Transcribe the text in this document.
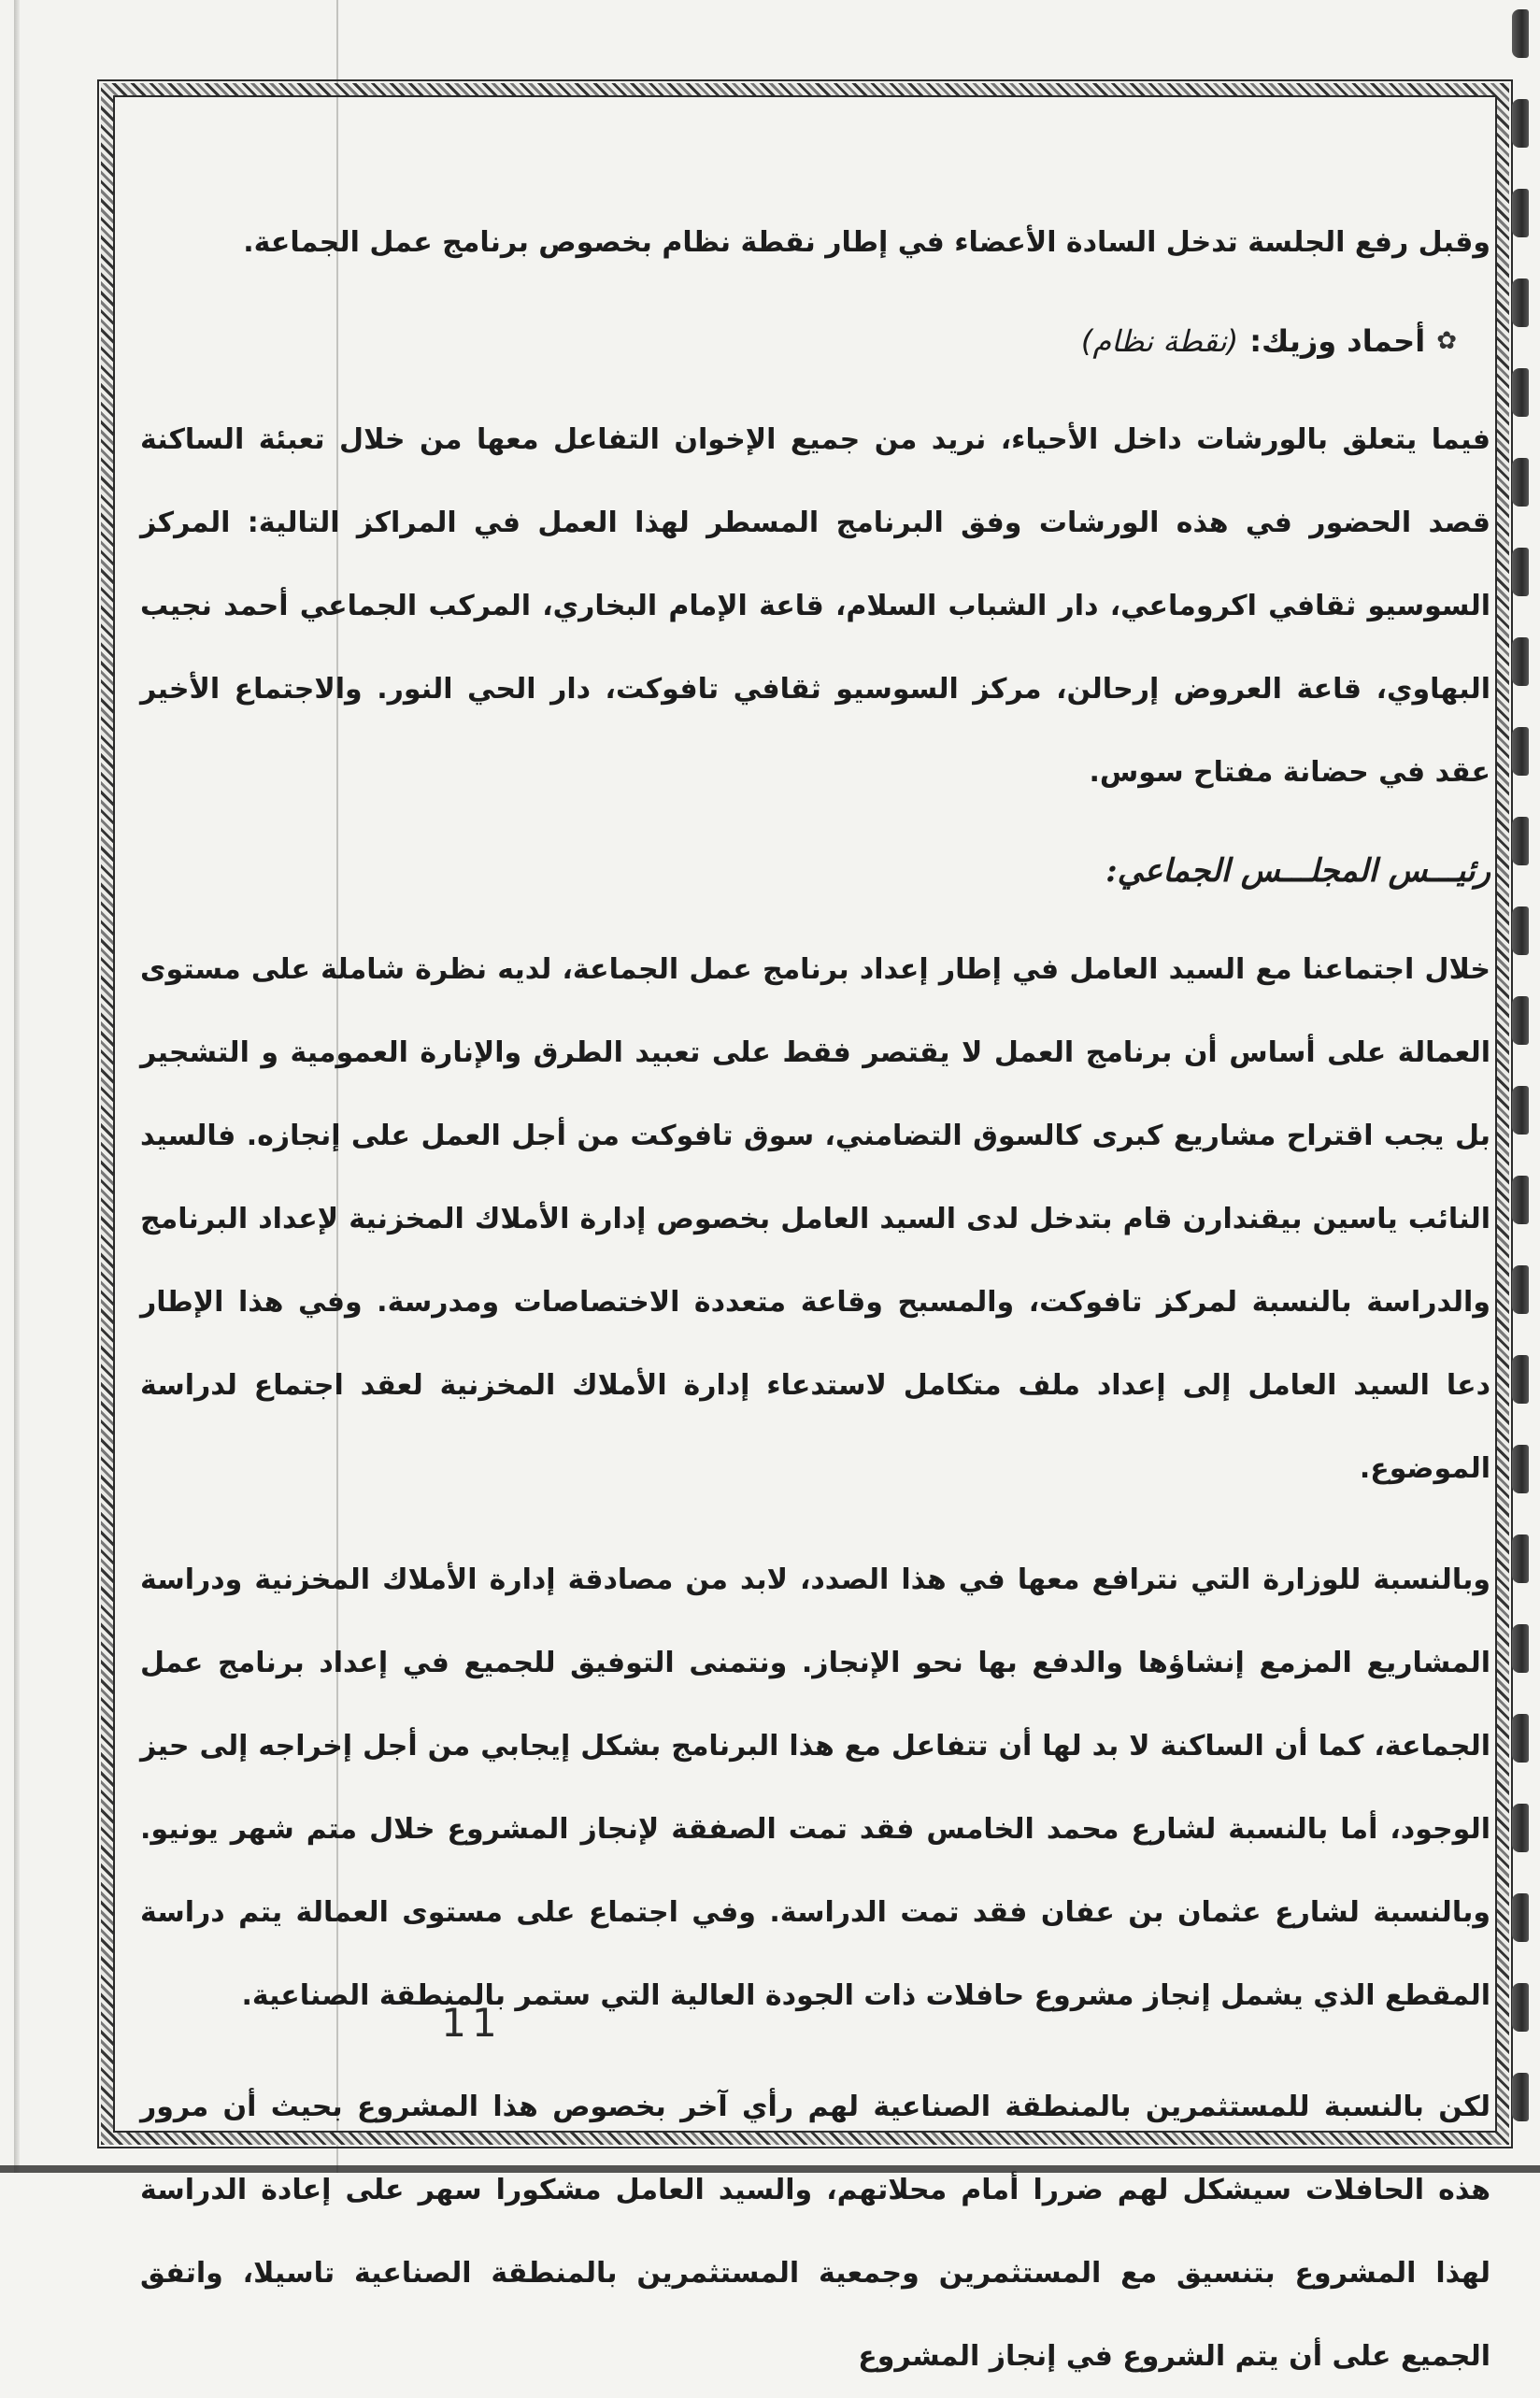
وقبل رفع الجلسة تدخل السادة الأعضاء في إطار نقطة نظام بخصوص برنامج عمل الجماعة.

✿
أحماد وزيك:
(نقطة نظام)

فيما يتعلق بالورشات داخل الأحياء، نريد من جميع الإخوان التفاعل معها من خلال تعبئة الساكنة قصد الحضور في هذه الورشات وفق البرنامج المسطر لهذا العمل في المراكز التالية: المركز السوسيو ثقافي اكروماعي، دار الشباب السلام، قاعة الإمام البخاري، المركب الجماعي أحمد نجيب البهاوي، قاعة العروض إرحالن، مركز السوسيو ثقافي تافوكت، دار الحي النور. والاجتماع الأخير عقد في حضانة مفتاح سوس.

رئيـــس المجلـــس الجماعي:

خلال اجتماعنا مع السيد العامل في إطار إعداد برنامج عمل الجماعة، لديه نظرة شاملة على مستوى العمالة على أساس أن برنامج العمل لا يقتصر فقط على تعبيد الطرق والإنارة العمومية و التشجير بل يجب اقتراح مشاريع كبرى كالسوق التضامني، سوق تافوكت من أجل العمل على إنجازه. فالسيد النائب ياسين بيقندارن قام بتدخل لدى السيد العامل بخصوص إدارة الأملاك المخزنية لإعداد البرنامج والدراسة بالنسبة لمركز تافوكت، والمسبح وقاعة متعددة الاختصاصات ومدرسة. وفي هذا الإطار دعا السيد العامل إلى إعداد ملف متكامل لاستدعاء إدارة الأملاك المخزنية لعقد اجتماع لدراسة الموضوع.

وبالنسبة للوزارة التي نترافع معها في هذا الصدد، لابد من مصادقة إدارة الأملاك المخزنية ودراسة المشاريع المزمع إنشاؤها والدفع بها نحو الإنجاز. ونتمنى التوفيق للجميع في إعداد برنامج عمل الجماعة، كما أن الساكنة لا بد لها أن تتفاعل مع هذا البرنامج بشكل إيجابي من أجل إخراجه إلى حيز الوجود، أما بالنسبة لشارع محمد الخامس فقد تمت الصفقة لإنجاز المشروع خلال متم شهر يونيو. وبالنسبة لشارع عثمان بن عفان فقد تمت الدراسة. وفي اجتماع على مستوى العمالة يتم دراسة المقطع الذي يشمل إنجاز مشروع حافلات ذات الجودة العالية التي ستمر بالمنطقة الصناعية.

لكن بالنسبة للمستثمرين بالمنطقة الصناعية لهم رأي آخر بخصوص هذا المشروع بحيث أن مرور هذه الحافلات سيشكل لهم ضررا أمام محلاتهم، والسيد العامل مشكورا سهر على إعادة الدراسة لهذا المشروع بتنسيق مع المستثمرين وجمعية المستثمرين بالمنطقة الصناعية تاسيلا، واتفق الجميع على أن يتم الشروع في إنجاز المشروع

11
